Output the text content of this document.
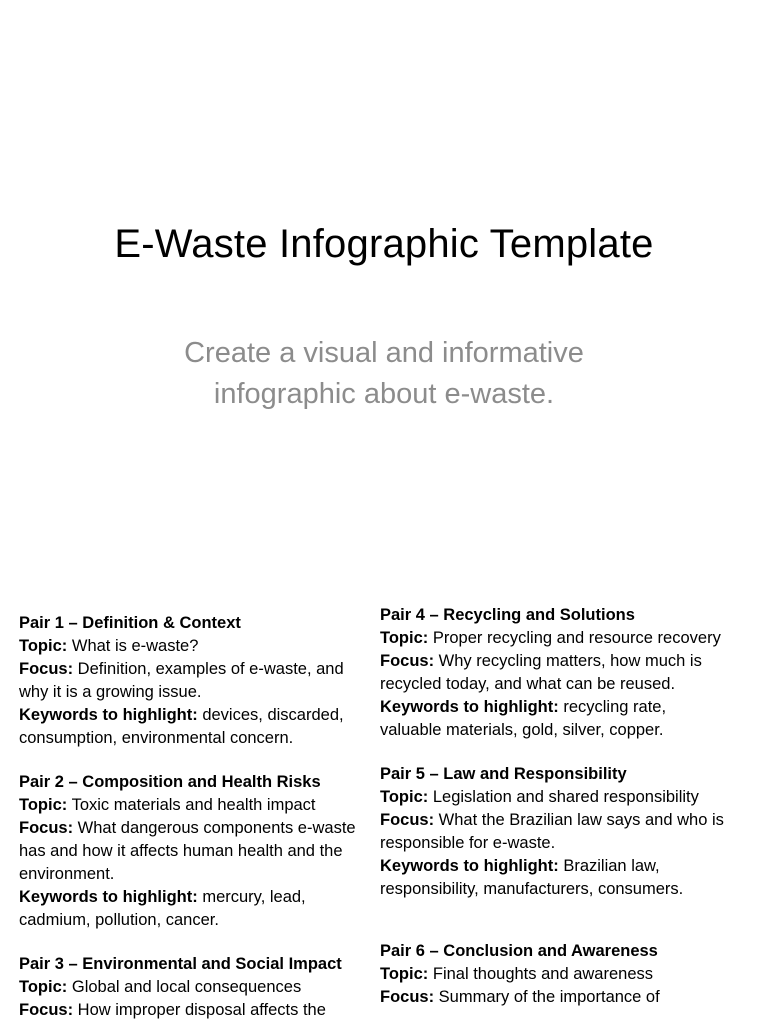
E-Waste Infographic Template
Create a visual and informative infographic about e-waste.

Pair 1 – Definition & Context

Topic: What is e-waste?

Focus: Definition, examples of e-waste, and why it is a growing issue.

Keywords to highlight: devices, discarded, consumption, environmental concern.

Pair 2 – Composition and Health Risks

Topic: Toxic materials and health impact

Focus: What dangerous components e-waste has and how it affects human health and the environment.

Keywords to highlight: mercury, lead, cadmium, pollution, cancer.

Pair 3 – Environmental and Social Impact

Topic: Global and local consequences

Focus: How improper disposal affects the

Pair 4 – Recycling and Solutions

Topic: Proper recycling and resource recovery

Focus: Why recycling matters, how much is recycled today, and what can be reused.

Keywords to highlight: recycling rate, valuable materials, gold, silver, copper.

Pair 5 – Law and Responsibility

Topic: Legislation and shared responsibility

Focus: What the Brazilian law says and who is responsible for e-waste.

Keywords to highlight: Brazilian law, responsibility, manufacturers, consumers.

Pair 6 – Conclusion and Awareness

Topic: Final thoughts and awareness

Focus: Summary of the importance of
